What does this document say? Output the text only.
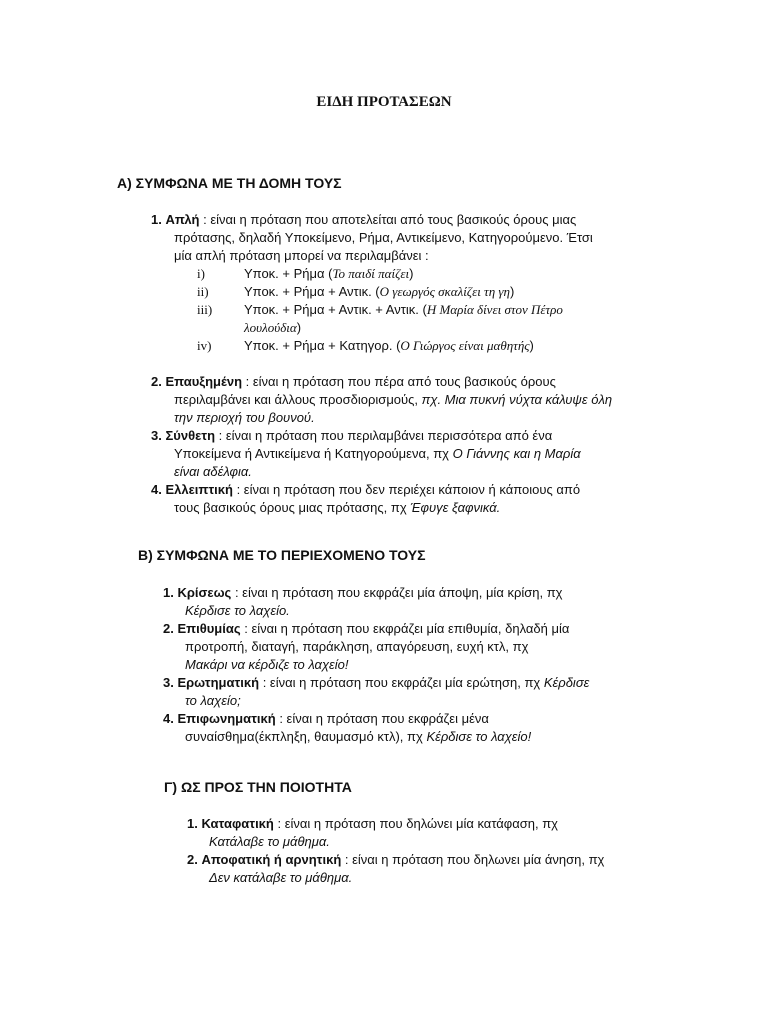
ΕΙΔΗ ΠΡΟΤΑΣΕΩΝ
Α) ΣΥΜΦΩΝΑ ΜΕ ΤΗ ΔΟΜΗ ΤΟΥΣ
1. Απλή : είναι η πρόταση που αποτελείται από τους βασικούς όρους μιας
πρότασης, δηλαδή Υποκείμενο, Ρήμα, Αντικείμενο, Κατηγορούμενο. Έτσι
μία απλή πρόταση μπορεί να περιλαμβάνει :
i)	Υποκ. + Ρήμα (Το παιδί παίζει)
ii)	Υποκ. + Ρήμα + Αντικ. (Ο γεωργός σκαλίζει τη γη)
iii) Υποκ. + Ρήμα + Αντικ. + Αντικ. (Η Μαρία δίνει στον Πέτρο
λουλούδια)
iv)	Υποκ. + Ρήμα + Κατηγορ. (Ο Γιώργος είναι μαθητής)
2. Επαυξημένη : είναι η πρόταση που πέρα από τους βασικούς όρους
περιλαμβάνει και άλλους προσδιορισμούς, πχ. Μια πυκνή νύχτα κάλυψε όλη
την περιοχή του βουνού.
3. Σύνθετη : είναι η πρόταση που περιλαμβάνει περισσότερα από ένα
Υποκείμενα ή Αντικείμενα ή Κατηγορούμενα, πχ Ο Γιάννης και η Μαρία
είναι αδέλφια.
4. Ελλειπτική : είναι η πρόταση που δεν περιέχει κάποιον ή κάποιους από
τους βασικούς όρους μιας πρότασης, πχ Έφυγε ξαφνικά.
Β) ΣΥΜΦΩΝΑ ΜΕ ΤΟ ΠΕΡΙΕΧΟΜΕΝΟ ΤΟΥΣ
1. Κρίσεως : είναι η πρόταση που εκφράζει μία άποψη, μία κρίση, πχ
Κέρδισε το λαχείο.
2. Επιθυμίας : είναι η πρόταση που εκφράζει μία επιθυμία, δηλαδή μία
προτροπή, διαταγή, παράκληση, απαγόρευση, ευχή κτλ, πχ
Μακάρι να κέρδιζε το λαχείο!
3. Ερωτηματική : είναι η πρόταση που εκφράζει μία ερώτηση, πχ Κέρδισε
το λαχείο;
4. Επιφωνηματική : είναι η πρόταση που εκφράζει μένα
συναίσθημα(έκπληξη, θαυμασμό κτλ), πχ Κέρδισε το λαχείο!
Γ) ΩΣ ΠΡΟΣ ΤΗΝ ΠΟΙΟΤΗΤΑ
1. Καταφατική : είναι η πρόταση που δηλώνει μία κατάφαση, πχ
Κατάλαβε το μάθημα.
2. Αποφατική ή αρνητική : είναι η πρόταση που δηλωνει μία άνηση, πχ
Δεν κατάλαβε το μάθημα.
